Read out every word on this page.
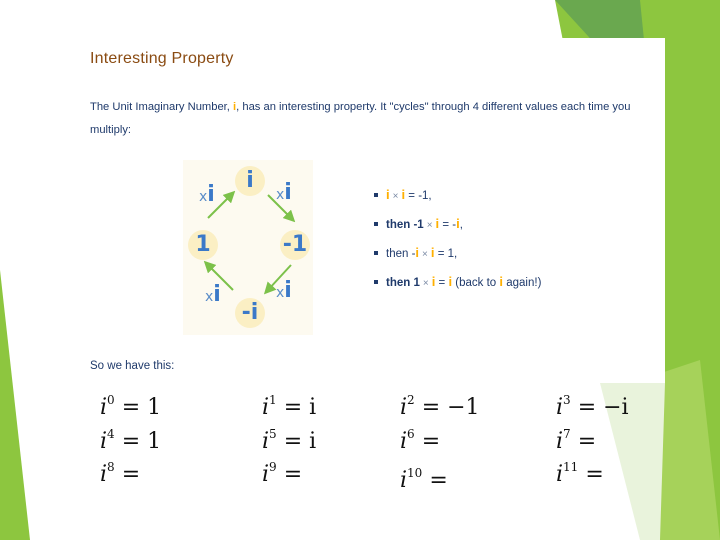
Interesting Property
The Unit Imaginary Number, i, has an interesting property. It "cycles" through 4 different values each time you multiply:
i
1	-1
-i
xi	xi
xi	xi
i × i = -1,
then -1 × i = -i,
then -i × i = 1,
then 1 × i = i (back to i again!)
So we have this:
$i^0 = 1$	$i^1 = i$	$i^2 = -1$	$i^3 = -i$
$i^4 = 1$	$i^5 = i$	$i^6$ =	$i^7$ =
$i^8$ =	$i^9$ =	$i^{10}$ =	$i^{11}$ =
